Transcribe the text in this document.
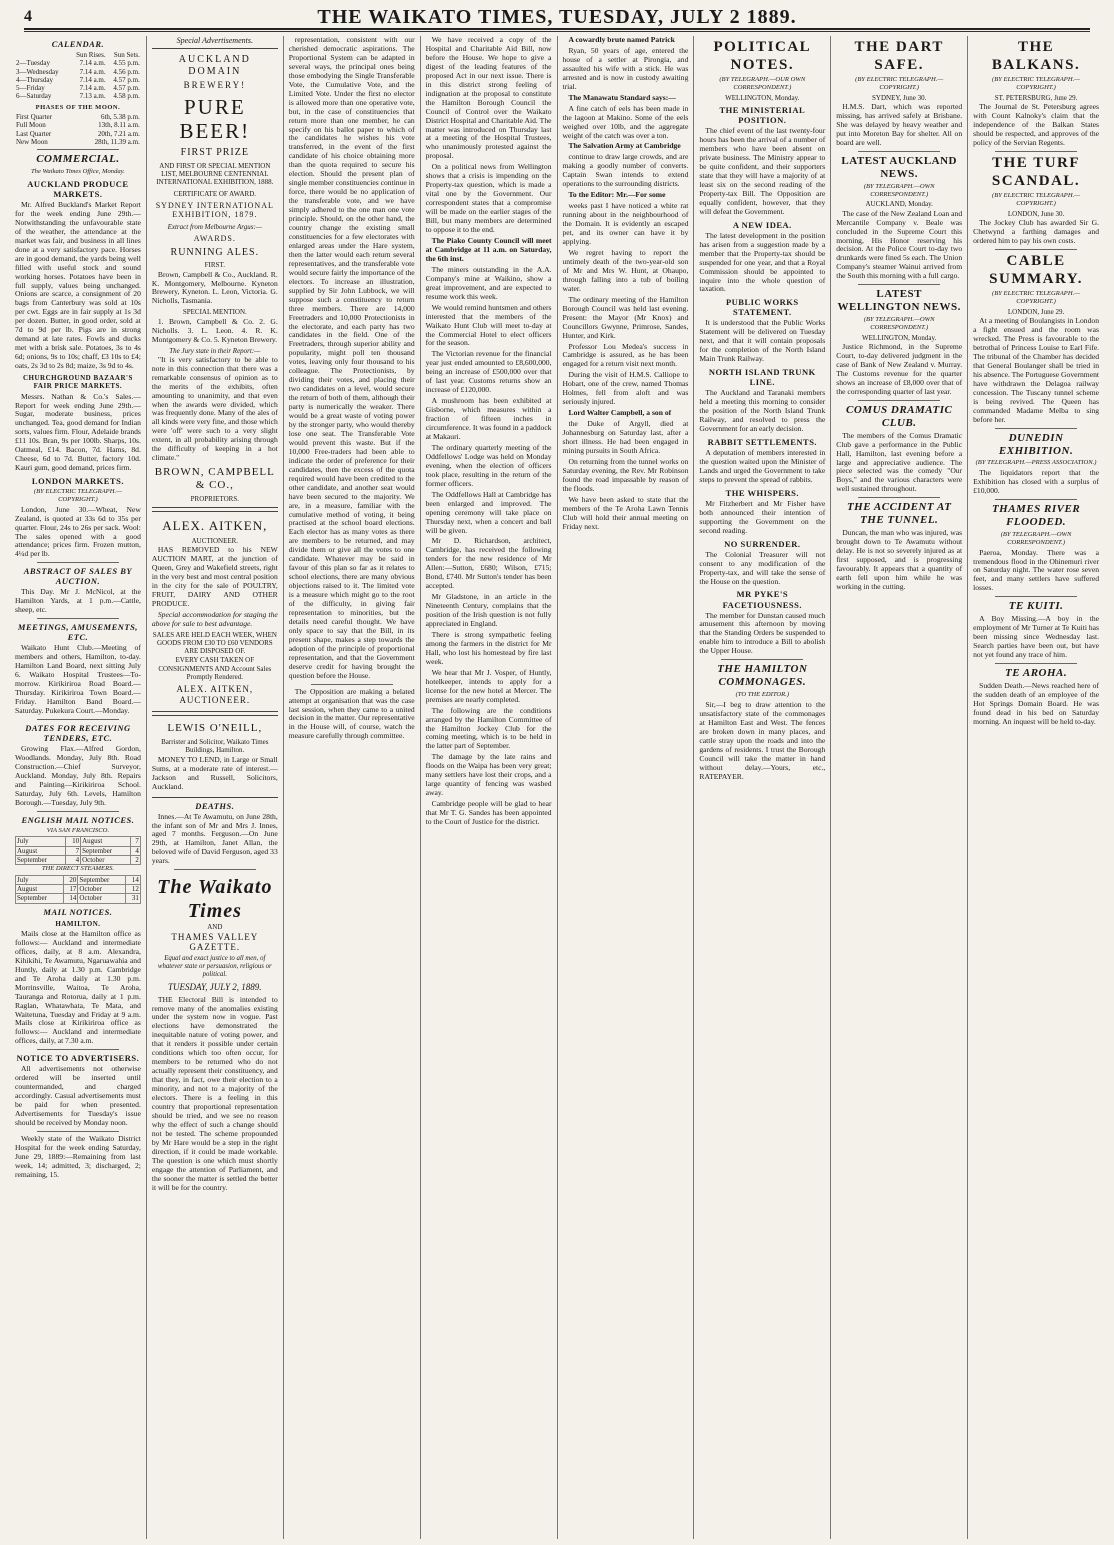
4	THE WAIKATO TIMES, TUESDAY, JULY 2 1889.
CALENDAR.
	Sun Rises.	Sun Sets.
2—Tuesday	7.14 a.m.	4.55 p.m.
3—Wednesday	7.14 a.m.	4.56 p.m.
4—Thursday	7.14 a.m.	4.57 p.m.
5—Friday	7.14 a.m.	4.57 p.m.
6—Saturday	7.13 a.m.	4.58 p.m.
PHASES OF THE MOON.
First Quarter	6th, 5.38 p.m.
Full Moon	13th, 8.11 a.m.
Last Quarter	20th, 7.21 a.m.
New Moon	28th, 11.39 a.m.
COMMERCIAL.
The Waikato Times Office, Monday.
AUCKLAND PRODUCE MARKETS.

Mr. Alfred Buckland's Market Report for the week ending June 29th.—Notwithstanding the unfavourable state of the weather, the attendance at the market was fair, and business in all lines done at a very satisfactory pace. Horses are in good demand, the yards being well filled with useful stock and sound working horses. Potatoes have been in full supply, values being unchanged. Onions are scarce, a consignment of 20 bags from Canterbury was sold at 10s per cwt. Eggs are in fair supply at 1s 3d per dozen. Butter, in good order, sold at 7d to 9d per lb. Pigs are in strong demand at late rates. Fowls and ducks met with a brisk sale. Potatoes, 3s to 4s 6d; onions, 9s to 10s; chaff, £3 10s to £4; oats, 2s 3d to 2s 8d; maize, 3s 9d to 4s.

CHURCHGROUND BAZAAR'S FAIR PRICE MARKETS.

Messrs. Nathan & Co.'s Sales.—Report for week ending June 29th.—Sugar, moderate business, prices unchanged. Tea, good demand for Indian sorts, values firm. Flour, Adelaide brands £11 10s. Bran, 9s per 100lb. Sharps, 10s. Oatmeal, £14. Bacon, 7d. Hams, 8d. Cheese, 6d to 7d. Butter, factory 10d. Kauri gum, good demand, prices firm.

LONDON MARKETS.
(BY ELECTRIC TELEGRAPH.—COPYRIGHT.)

London, June 30.—Wheat, New Zealand, is quoted at 33s 6d to 35s per quarter. Flour, 24s to 26s per sack. Wool: The sales opened with a good attendance; prices firm. Frozen mutton, 4¼d per lb.

ABSTRACT OF SALES BY AUCTION.

This Day. Mr J. McNicol, at the Hamilton Yards, at 1 p.m.—Cattle, sheep, etc.

MEETINGS, AMUSEMENTS, ETC.

Waikato Hunt Club.—Meeting of members and others, Hamilton, to-day. Hamilton Land Board, next sitting July 6. Waikato Hospital Trustees—To-morrow. Kirikiriroa Road Board.—Thursday. Kirikiriroa Town Board.—Friday. Hamilton Band Board.—Saturday. Pukekura Court.—Monday.

DATES FOR RECEIVING TENDERS, ETC.

Growing Flax.—Alfred Gordon, Woodlands. Monday, July 8th. Road Construction.—Chief Surveyor, Auckland. Monday, July 8th. Repairs and Painting—Kirikiriroa School. Saturday, July 6th. Levels, Hamilton Borough.—Tuesday, July 9th.

ENGLISH MAIL NOTICES.
VIA SAN FRANCISCO.
July	10	August	7
August	7	September	4
September	4	October	2
THE DIRECT STEAMERS.
July	20	September	14
August	17	October	12
September	14	October	31
MAIL NOTICES.
HAMILTON.

Mails close at the Hamilton office as follows:— Auckland and intermediate offices, daily, at 8 a.m. Alexandra, Kihikihi, Te Awamutu, Ngaruawahia and Huntly, daily at 1.30 p.m. Cambridge and Te Aroha daily at 1.30 p.m. Morrinsville, Waitoa, Te Aroha, Tauranga and Rotorua, daily at 1 p.m. Raglan, Whatawhata, Te Mata, and Waitetuna, Tuesday and Friday at 9 a.m. Mails close at Kirikiriroa office as follows:— Auckland and intermediate offices, daily, at 7.30 a.m.

NOTICE TO ADVERTISERS.

All advertisements not otherwise ordered will be inserted until countermanded, and charged accordingly. Casual advertisements must be paid for when presented. Advertisements for Tuesday's issue should be received by Monday noon.

Weekly state of the Waikato District Hospital for the week ending Saturday, June 29, 1889:—Remaining from last week, 14; admitted, 3; discharged, 2; remaining, 15.

Special Advertisements.
AUCKLAND DOMAIN
BREWERY!
PURE BEER!
FIRST PRIZE
AND FIRST OR SPECIAL MENTION LIST, MELBOURNE CENTENNIAL INTERNATIONAL EXHIBITION, 1888.
CERTIFICATE OF AWARD.
SYDNEY INTERNATIONAL EXHIBITION, 1879.
Extract from Melbourne Argus:—
AWARDS.
RUNNING ALES.
FIRST.

Brown, Campbell & Co., Auckland. R. K. Montgomery, Melbourne. Kyneton Brewery, Kyneton. L. Leon, Victoria. G. Nicholls, Tasmania.

SPECIAL MENTION.

1. Brown, Campbell & Co. 2. G. Nicholls. 3. L. Leon. 4. R. K. Montgomery & Co. 5. Kyneton Brewery.

The Jury state in their Report:—

"It is very satisfactory to be able to note in this connection that there was a remarkable consensus of opinion as to the merits of the exhibits, often amounting to unanimity, and that even when the awards were divided, which was frequently done. Many of the ales of all kinds were very fine, and those which were 'off' were such to a very slight extent, in all probability arising through the difficulty of keeping in a hot climate."

BROWN, CAMPBELL & CO.,
PROPRIETORS.
ALEX. AITKEN,
AUCTIONEER.

HAS REMOVED to his NEW AUCTION MART, at the junction of Queen, Grey and Wakefield streets, right in the very best and most central position in the city for the sale of POULTRY, FRUIT, DAIRY AND OTHER PRODUCE.

Special accommodation for staging the above for sale to best advantage.

SALES ARE HELD EACH WEEK, WHEN GOODS FROM £30 TO £60 VENDORS ARE DISPOSED OF.
EVERY CASH TAKEN OF CONSIGNMENTS AND Account Sales Promptly Rendered.
ALEX. AITKEN, AUCTIONEER.
LEWIS O'NEILL,
Barrister and Solicitor, Waikato Times Buildings, Hamilton.

MONEY TO LEND, in Large or Small Sums, at a moderate rate of interest.—Jackson and Russell, Solicitors, Auckland.

DEATHS.

Innes.—At Te Awamutu, on June 28th, the infant son of Mr and Mrs J. Innes, aged 7 months. Ferguson.—On June 29th, at Hamilton, Janet Allan, the beloved wife of David Ferguson, aged 33 years.

The Waikato Times
AND
THAMES VALLEY GAZETTE.
Equal and exact justice to all men, of whatever state or persuasion, religious or political.
TUESDAY, JULY 2, 1889.

THE Electoral Bill is intended to remove many of the anomalies existing under the system now in vogue. Past elections have demonstrated the inequitable nature of voting power, and that it renders it possible under certain conditions which too often occur, for members to be returned who do not actually represent their constituency, and that they, in fact, owe their election to a minority, and not to a majority of the electors. There is a feeling in this country that proportional representation should be tried, and we see no reason why the effect of such a change should not be tested. The scheme propounded by Mr Hare would be a step in the right direction, if it could be made workable. The question is one which must shortly engage the attention of Parliament, and the sooner the matter is settled the better it will be for the country.

representation, consistent with our cherished democratic aspirations. The Proportional System can be adapted in several ways, the principal ones being those embodying the Single Transferable Vote, the Cumulative Vote, and the Limited Vote. Under the first no elector is allowed more than one operative vote, but, in the case of constituencies that return more than one member, he can specify on his ballot paper to which of the candidates he wishes his vote transferred, in the event of the first candidate of his choice obtaining more than the quota required to secure his election. Should the present plan of single member constituencies continue in force, there would be no application of the transferable vote, and we have simply adhered to the one man one vote principle. Should, on the other hand, the country change the existing small constituencies for a few electorates with enlarged areas under the Hare system, then the latter would each return several representatives, and the transferable vote would secure fairly the importance of the electors. To increase an illustration, supplied by Sir John Lubbock, we will suppose such a constituency to return three members. There are 14,000 Freetraders and 10,000 Protectionists in the electorate, and each party has two candidates in the field. One of the Freetraders, through superior ability and popularity, might poll ten thousand votes, leaving only four thousand to his colleague. The Protectionists, by dividing their votes, and placing their two candidates on a level, would secure the return of both of them, although their party is numerically the weaker. There would be a great waste of voting power by the stronger party, who would thereby lose one seat. The Transferable Vote would prevent this waste. But if the 10,000 Free-traders had been able to indicate the order of preference for their candidates, then the excess of the quota required would have been credited to the other candidate, and another seat would have been secured to the majority. We are, in a measure, familiar with the cumulative method of voting, it being practised at the school board elections. Each elector has as many votes as there are members to be returned, and may divide them or give all the votes to one candidate. Whatever may be said in favour of this plan so far as it relates to school elections, there are many obvious objections raised to it. The limited vote is a measure which might go to the root of the difficulty, in giving fair representation to minorities, but the details need careful thought. We have only space to say that the Bill, in its present shape, makes a step towards the adoption of the principle of proportional representation, and that the Government deserve credit for having brought the question before the House.

The Opposition are making a belated attempt at organisation that was the case last session, when they came to a united decision in the matter. Our representative in the House will, of course, watch the measure carefully through committee.

We have received a copy of the Hospital and Charitable Aid Bill, now before the House. We hope to give a digest of the leading features of the proposed Act in our next issue. There is in this district strong feeling of indignation at the proposal to constitute the Hamilton Borough Council the Council of Control over the Waikato District Hospital and Charitable Aid. The matter was introduced on Thursday last at a meeting of the Hospital Trustees, who unanimously protested against the proposal.

On a political news from Wellington shows that a crisis is impending on the Property-tax question, which is made a vital one by the Government. Our correspondent states that a compromise will be made on the earlier stages of the Bill, but many members are determined to oppose it to the end.

The Piako County Council will meet at Cambridge at 11 a.m. on Saturday, the 6th inst.

The miners outstanding in the A.A. Company's mine at Waikino, show a great improvement, and are expected to resume work this week.

We would remind huntsmen and others interested that the members of the Waikato Hunt Club will meet to-day at the Commercial Hotel to elect officers for the season.

The Victorian revenue for the financial year just ended amounted to £8,600,000, being an increase of £500,000 over that of last year. Customs returns show an increase of £120,000.

A mushroom has been exhibited at Gisborne, which measures within a fraction of fifteen inches in circumference. It was found in a paddock at Makauri.

The ordinary quarterly meeting of the Oddfellows' Lodge was held on Monday evening, when the election of officers took place, resulting in the return of the former officers.

The Oddfellows Hall at Cambridge has been enlarged and improved. The opening ceremony will take place on Thursday next, when a concert and ball will be given.

Mr D. Richardson, architect, Cambridge, has received the following tenders for the new residence of Mr Allen:—Sutton, £680; Wilson, £715; Bond, £740. Mr Sutton's tender has been accepted.

Mr Gladstone, in an article in the Nineteenth Century, complains that the position of the Irish question is not fully appreciated in England.

There is strong sympathetic feeling among the farmers in the district for Mr Hall, who lost his homestead by fire last week.

We hear that Mr J. Vosper, of Huntly, hotelkeeper, intends to apply for a license for the new hotel at Mercer. The premises are nearly completed.

The following are the conditions arranged by the Hamilton Committee of the Hamilton Jockey Club for the coming meeting, which is to be held in the latter part of September.

The damage by the late rains and floods on the Waipa has been very great; many settlers have lost their crops, and a large quantity of fencing was washed away.

Cambridge people will be glad to hear that Mr T. G. Sandes has been appointed to the Court of Justice for the district.

A cowardly brute named Patrick

Ryan, 50 years of age, entered the house of a settler at Pirongia, and assaulted his wife with a stick. He was arrested and is now in custody awaiting trial.

The Manawatu Standard says:—

A fine catch of eels has been made in the lagoon at Makino. Some of the eels weighed over 10lb, and the aggregate weight of the catch was over a ton.

The Salvation Army at Cambridge

continue to draw large crowds, and are making a goodly number of converts. Captain Swan intends to extend operations to the surrounding districts.

To the Editor: Mr.—For some

weeks past I have noticed a white rat running about in the neighbourhood of the Domain. It is evidently an escaped pet, and its owner can have it by applying.

We regret having to report the untimely death of the two-year-old son of Mr and Mrs W. Hunt, at Ohaupo, through falling into a tub of boiling water.

The ordinary meeting of the Hamilton Borough Council was held last evening. Present: the Mayor (Mr Knox) and Councillors Gwynne, Primrose, Sandes, Hunter, and Kirk.

Professor Lou Medea's success in Cambridge is assured, as he has been engaged for a return visit next month.

During the visit of H.M.S. Calliope to Hobart, one of the crew, named Thomas Holmes, fell from aloft and was seriously injured.

Lord Walter Campbell, a son of

the Duke of Argyll, died at Johannesburg on Saturday last, after a short illness. He had been engaged in mining pursuits in South Africa.

On returning from the tunnel works on Saturday evening, the Rev. Mr Robinson found the road impassable by reason of the floods.

We have been asked to state that the members of the Te Aroha Lawn Tennis Club will hold their annual meeting on Friday next.

POLITICAL NOTES.
(BY TELEGRAPH.—OUR OWN CORRESPONDENT.)
WELLINGTON, Monday.
THE MINISTERIAL POSITION.

The chief event of the last twenty-four hours has been the arrival of a number of members who have been absent on private business. The Ministry appear to be quite confident, and their supporters state that they will have a majority of at least six on the second reading of the Property-tax Bill. The Opposition are equally confident, however, that they will defeat the Government.

A NEW IDEA.

The latest development in the position has arisen from a suggestion made by a member that the Property-tax should be suspended for one year, and that a Royal Commission should be appointed to inquire into the whole question of taxation.

PUBLIC WORKS STATEMENT.

It is understood that the Public Works Statement will be delivered on Tuesday next, and that it will contain proposals for the completion of the North Island Main Trunk Railway.

NORTH ISLAND TRUNK LINE.

The Auckland and Taranaki members held a meeting this morning to consider the position of the North Island Trunk Railway, and resolved to press the Government for an early decision.

RABBIT SETTLEMENTS.

A deputation of members interested in the question waited upon the Minister of Lands and urged the Government to take steps to prevent the spread of rabbits.

THE WHISPERS.

Mr Fitzherbert and Mr Fisher have both announced their intention of supporting the Government on the second reading.

NO SURRENDER.

The Colonial Treasurer will not consent to any modification of the Property-tax, and will take the sense of the House on the question.

MR PYKE'S FACETIOUSNESS.

The member for Dunstan caused much amusement this afternoon by moving that the Standing Orders be suspended to enable him to introduce a Bill to abolish the Upper House.

THE HAMILTON COMMONAGES.
(TO THE EDITOR.)

Sir,—I beg to draw attention to the unsatisfactory state of the commonages at Hamilton East and West. The fences are broken down in many places, and cattle stray upon the roads and into the gardens of residents. I trust the Borough Council will take the matter in hand without delay.—Yours, etc., RATEPAYER.

THE DART SAFE.
(BY ELECTRIC TELEGRAPH.—COPYRIGHT.)
SYDNEY, June 30.

H.M.S. Dart, which was reported missing, has arrived safely at Brisbane. She was delayed by heavy weather and put into Moreton Bay for shelter. All on board are well.

LATEST AUCKLAND NEWS.
(BY TELEGRAPH.—OWN CORRESPONDENT.)
AUCKLAND, Monday.

The case of the New Zealand Loan and Mercantile Company v. Beale was concluded in the Supreme Court this morning, His Honor reserving his decision. At the Police Court to-day two drunkards were fined 5s each. The Union Company's steamer Wainui arrived from the South this morning with a full cargo.

LATEST WELLINGTON NEWS.
(BY TELEGRAPH.—OWN CORRESPONDENT.)
WELLINGTON, Monday.

Justice Richmond, in the Supreme Court, to-day delivered judgment in the case of Bank of New Zealand v. Murray. The Customs revenue for the quarter shows an increase of £8,000 over that of the corresponding quarter of last year.

COMUS DRAMATIC CLUB.

The members of the Comus Dramatic Club gave a performance in the Public Hall, Hamilton, last evening before a large and appreciative audience. The piece selected was the comedy "Our Boys," and the various characters were well sustained throughout.

THE ACCIDENT AT THE TUNNEL.

Duncan, the man who was injured, was brought down to Te Awamutu without delay. He is not so severely injured as at first supposed, and is progressing favourably. It appears that a quantity of earth fell upon him while he was working in the cutting.

THE BALKANS.
(BY ELECTRIC TELEGRAPH.—COPYRIGHT.)
ST. PETERSBURG, June 29.

The Journal de St. Petersburg agrees with Count Kalnoky's claim that the independence of the Balkan States should be respected, and approves of the policy of the Servian Regents.

THE TURF SCANDAL.
(BY ELECTRIC TELEGRAPH.—COPYRIGHT.)
LONDON, June 30.

The Jockey Club has awarded Sir G. Chetwynd a farthing damages and ordered him to pay his own costs.

CABLE SUMMARY.
(BY ELECTRIC TELEGRAPH.—COPYRIGHT.)
LONDON, June 29.

At a meeting of Boulangists in London a fight ensued and the room was wrecked. The Press is favourable to the betrothal of Princess Louise to Earl Fife. The tribunal of the Chamber has decided that General Boulanger shall be tried in his absence. The Portuguese Government have withdrawn the Delagoa railway concession. The Tuscany tunnel scheme is being revived. The Queen has commanded Madame Melba to sing before her.

DUNEDIN EXHIBITION.
(BY TELEGRAPH.—PRESS ASSOCIATION.)

The liquidators report that the Exhibition has closed with a surplus of £10,000.

THAMES RIVER FLOODED.
(BY TELEGRAPH.—OWN CORRESPONDENT.)

Paeroa, Monday. There was a tremendous flood in the Ohinemuri river on Saturday night. The water rose seven feet, and many settlers have suffered losses.

TE KUITI.

A Boy Missing.—A boy in the employment of Mr Turner at Te Kuiti has been missing since Wednesday last. Search parties have been out, but have not yet found any trace of him.

TE AROHA.

Sudden Death.—News reached here of the sudden death of an employee of the Hot Springs Domain Board. He was found dead in his bed on Saturday morning. An inquest will be held to-day.
